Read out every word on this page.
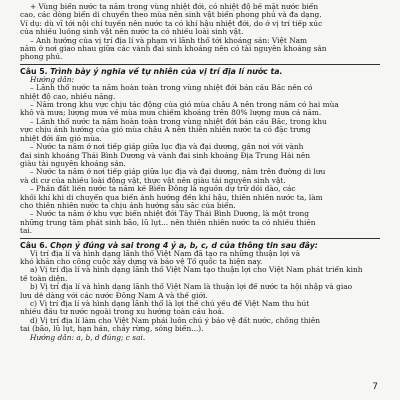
+ Vùng biển nước ta nằm trong vùng nhiệt đới, có nhiệt độ bề mặt nước biển
cao, các dòng biển di chuyển theo mùa nên sinh vật biển phong phú và đa dạng.
Ví dụ: dù vĩ tới nội chí tuyến nên nước ta có khí hậu nhiệt đới, do ở vị trí tiếp xúc
của nhiều luồng sinh vật nên nước ta có nhiều loài sinh vật.
– Ảnh hưởng của vị trí địa lí và phạm vi lãnh thổ tới khoáng sản: Việt Nam
nằm ở nơi giao nhau giữa các vành đai sinh khoáng nên có tài nguyên khoáng sản
phong phú.
Câu 5. Trình bày ý nghĩa về tự nhiên của vị trí địa lí nước ta.
Hướng dẫn:
– Lãnh thổ nước ta nằm hoàn toàn trong vùng nhiệt đới bán cầu Bắc nên có
nhiệt độ cao, nhiều nắng.
– Nằm trong khu vực chịu tác động của gió mùa châu Á nên trong năm có hai mùa
khô và mưa; lượng mưa về mùa mưa chiếm khoảng trên 80% lượng mưa cả năm.
– Lãnh thổ nước ta nằm hoàn toàn trong vùng nhiệt đới bán cầu Bắc, trong khu
vực chịu ảnh hưởng của gió mùa châu Á nên thiên nhiên nước ta có đặc trưng
nhiệt đới ẩm gió mùa.
– Nước ta nằm ở nơi tiếp giáp giữa lục địa và đại dương, gần nơi với vành
đai sinh khoáng Thái Bình Dương và vành đai sinh khoáng Địa Trung Hải nên
giàu tài nguyên khoáng sản.
– Nước ta nằm ở nơi tiếp giáp giữa lục địa và đại dương, nằm trên đường di lưu
và di cư của nhiều loài động vật, thực vật nên giàu tài nguyên sinh vật.
– Phần đất liền nước ta nằm kề Biển Đông là nguồn dự trữ dồi dào, các
khối khí khi di chuyển qua biển ảnh hưởng đến khí hậu, thiên nhiên nước ta, làm
cho thiên nhiên nước ta chịu ảnh hưởng sâu sắc của biển.
– Nước ta nằm ở khu vực biển nhiệt đới Tây Thái Bình Dương, là một trong
những trung tâm phát sinh bão, lũ lụt... nên thiên nhiên nước ta có nhiều thiên
tai.
Câu 6. Chọn ý đúng và sai trong 4 ý a, b, c, d của thông tin sau đây:
Vị trí địa lí và hình dạng lãnh thổ Việt Nam đã tạo ra những thuận lợi và
khó khăn cho công cuộc xây dựng và bảo vệ Tổ quốc ta hiện nay.
a) Vị trí địa lí và hình dạng lãnh thổ Việt Nam tạo thuận lợi cho Việt Nam phát triển kinh
tế toàn diện.
b) Vị trí địa lí và hình dạng lãnh thổ Việt Nam là thuận lợi để nước ta hội nhập và giao
lưu dễ dàng với các nước Đông Nam Á và thế giới.
c) Vị trí địa lí và hình dạng lãnh thổ là lợi thế chủ yếu để Việt Nam thu hút
nhiều đầu tư nước ngoài trong xu hướng toàn cầu hoá.
d) Vị trí địa lí làm cho Việt Nam phải luôn chú ý bảo vệ đất nước, chống thiên
tai (bão, lũ lụt, hạn hán, cháy rừng, sóng biển...).
Hướng dẫn: a, b, d đúng; c sai.
7
